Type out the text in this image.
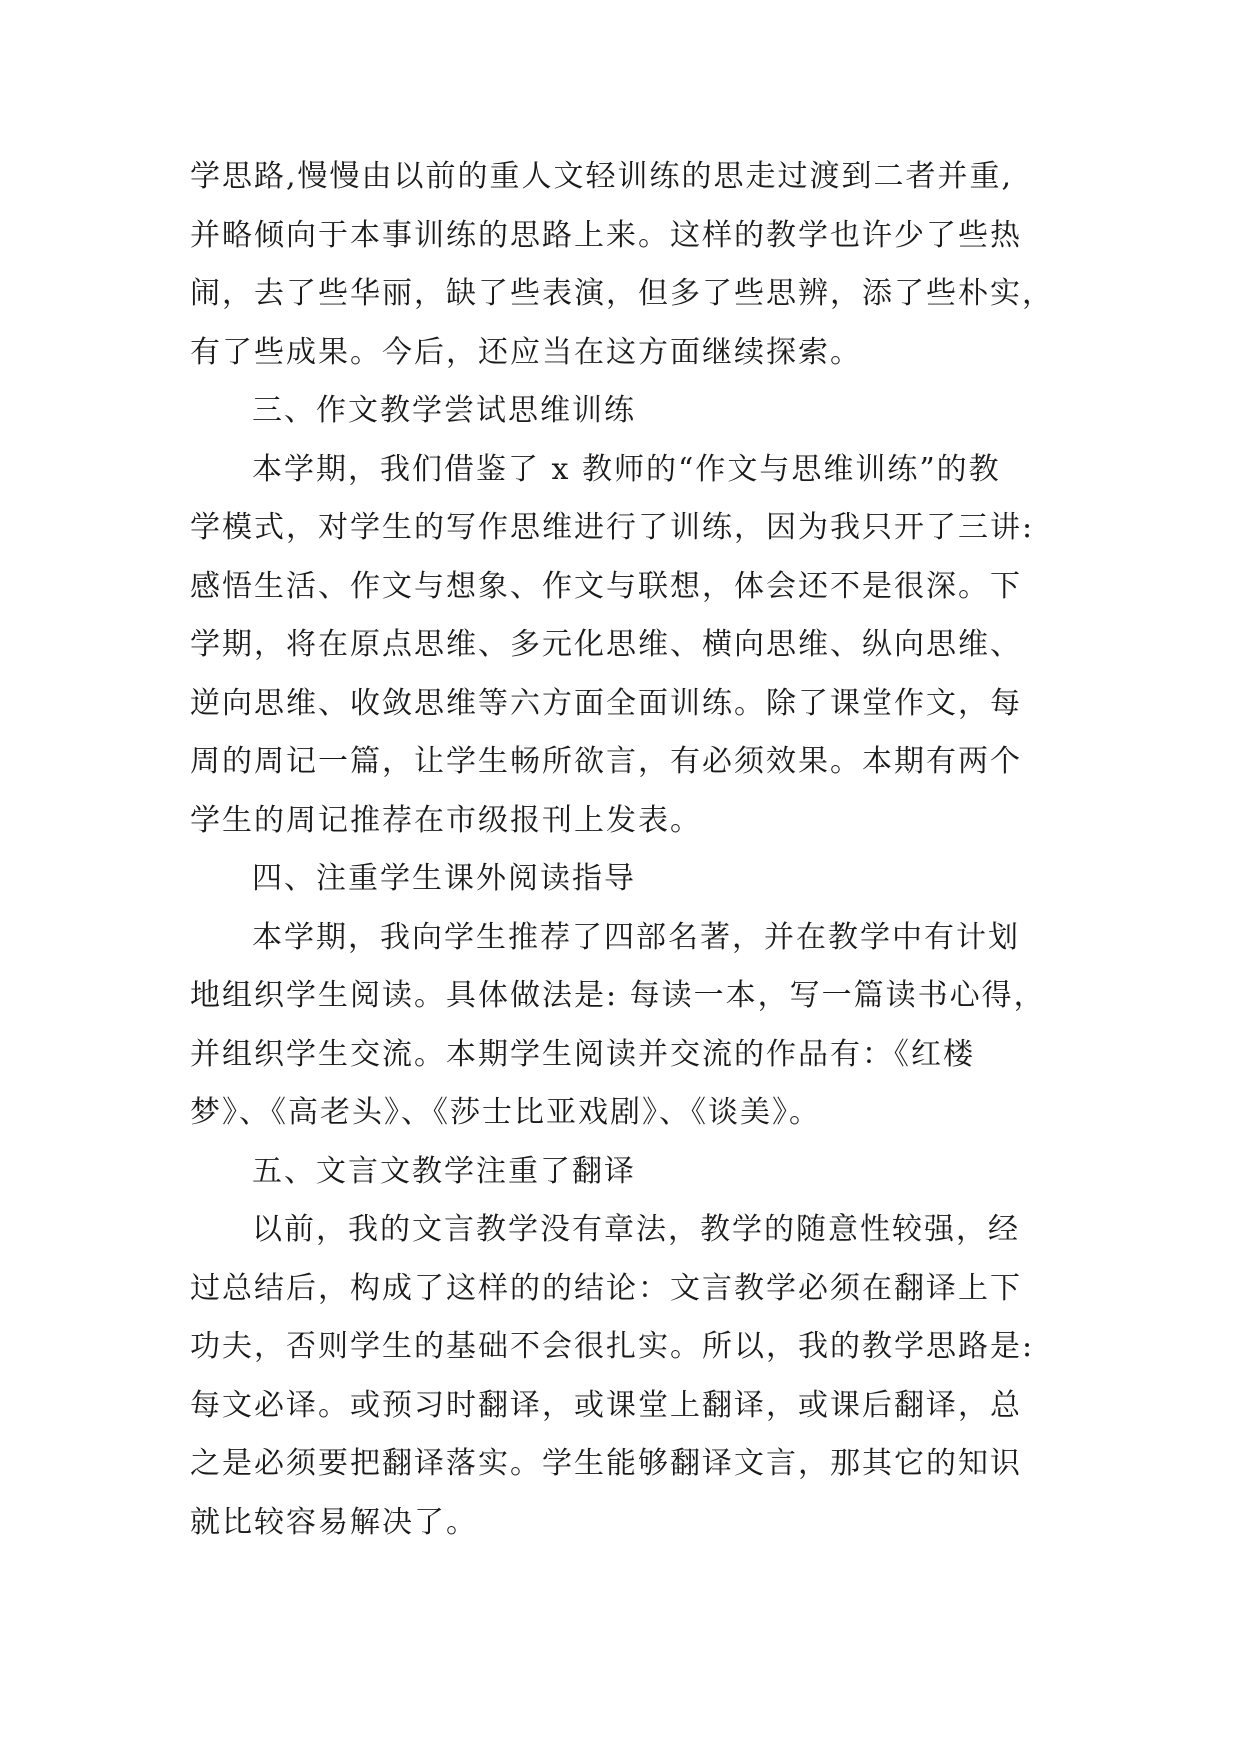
学思路,慢慢由以前的重人文轻训练的思走过渡到二者并重,
并略倾向于本事训练的思路上来。这样的教学也许少了些热
闹，去了些华丽，缺了些表演，但多了些思辨，添了些朴实，
有了些成果。今后，还应当在这方面继续探索。
三、作文教学尝试思维训练
本学期，我们借鉴了 x 教师的“作文与思维训练”的教
学模式，对学生的写作思维进行了训练，因为我只开了三讲:
感悟生活、作文与想象、作文与联想，体会还不是很深。下
学期，将在原点思维、多元化思维、横向思维、纵向思维、
逆向思维、收敛思维等六方面全面训练。除了课堂作文，每
周的周记一篇，让学生畅所欲言，有必须效果。本期有两个
学生的周记推荐在市级报刊上发表。
四、注重学生课外阅读指导
本学期，我向学生推荐了四部名著，并在教学中有计划
地组织学生阅读。具体做法是: 每读一本，写一篇读书心得，
并组织学生交流。本期学生阅读并交流的作品有：《红楼
梦》、《高老头》、《莎士比亚戏剧》、《谈美》。
五、文言文教学注重了翻译
以前，我的文言教学没有章法，教学的随意性较强，经
过总结后，构成了这样的的结论：文言教学必须在翻译上下
功夫，否则学生的基础不会很扎实。所以，我的教学思路是:
每文必译。或预习时翻译，或课堂上翻译，或课后翻译，总
之是必须要把翻译落实。学生能够翻译文言，那其它的知识
就比较容易解决了。
